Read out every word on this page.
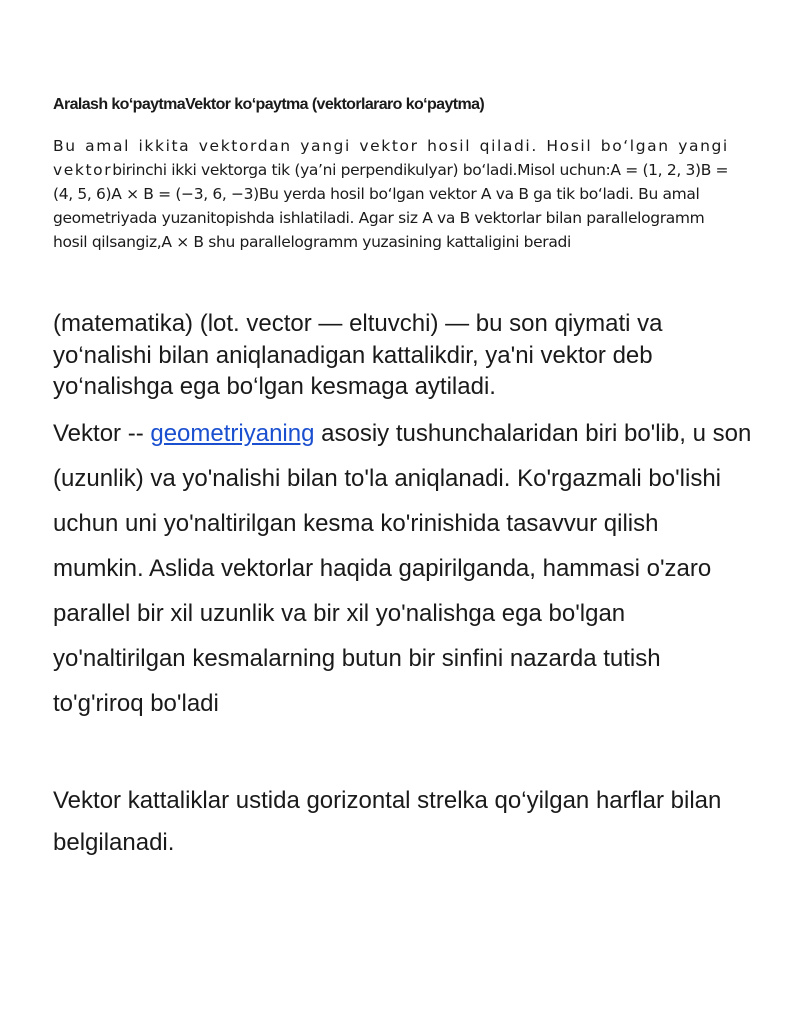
Aralash ko‘paytmaVektor ko‘paytma (vektorlararo ko‘paytma)

Bu amal ikkita vektordan yangi vektor hosil qiladi. Hosil bo‘lgan yangi vektorbirinchi ikki vektorga tik (ya’ni perpendikulyar) bo‘ladi.Misol uchun:A = (1, 2, 3)B = (4, 5, 6)A × B = (−3, 6, −3)Bu yerda hosil bo‘lgan vektor A va B ga tik bo‘ladi. Bu amal geometriyada yuzanitopishda ishlatiladi. Agar siz A va B vektorlar bilan parallelogramm hosil qilsangiz,A × B shu parallelogramm yuzasining kattaligini beradi

(matematika) (lot. vector — eltuvchi) — bu son qiymati va yo‘nalishi bilan aniqlanadigan kattalikdir, ya'ni vektor deb yo‘nalishga ega bo‘lgan kesmaga aytiladi.

Vektor -- geometriyaning asosiy tushunchalaridan biri bo'lib, u son (uzunlik) va yo'nalishi bilan to'la aniqlanadi. Ko'rgazmali bo'lishi uchun uni yo'naltirilgan kesma ko'rinishida tasavvur qilish mumkin. Aslida vektorlar haqida gapirilganda, hammasi o'zaro parallel bir xil uzunlik va bir xil yo'nalishga ega bo'lgan yo'naltirilgan kesmalarning butun bir sinfini nazarda tutish to'g'riroq bo'ladi

Vektor kattaliklar ustida gorizontal strelka qo‘yilgan harflar bilan belgilanadi.
